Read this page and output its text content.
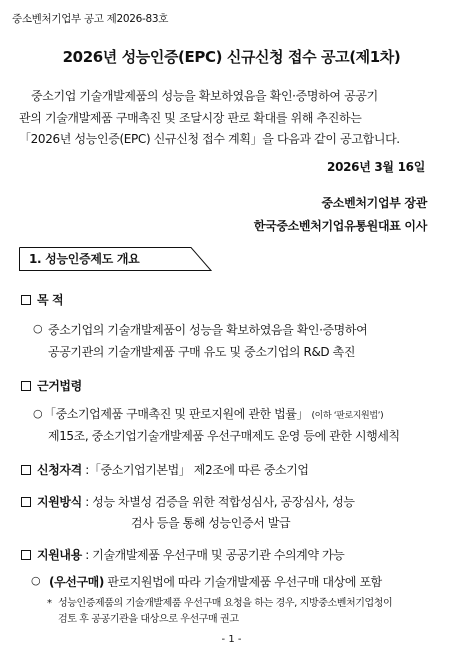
중소벤처기업부 공고 제2026-83호
2026년 성능인증(EPC) 신규신청 접수 공고(제1차)

중소기업 기술개발제품의 성능을 확보하였음을 확인·증명하여 공공기

관의 기술개발제품 구매촉진 및 조달시장 판로 확대를 위해 추진하는

「2026년 성능인증(EPC) 신규신청 접수 계획」을 다음과 같이 공고합니다.

2026년 3월 16일
중소벤처기업부 장관
한국중소벤처기업유통원대표 이사
1. 성능인증제도 개요
목 적
○ 중소기업의 기술개발제품이 성능을 확보하였음을 확인·증명하여
공공기관의 기술개발제품 구매 유도 및 중소기업의 R&D 촉진
근거법령
○ 「중소기업제품 구매촉진 및 판로지원에 관한 법률」 (이하 ‘판로지원법’)
제15조, 중소기업기술개발제품 우선구매제도 운영 등에 관한 시행세칙
신청자격 :「중소기업기본법」 제2조에 따른 중소기업
지원방식 : 성능 차별성 검증을 위한 적합성심사, 공장심사, 성능
검사 등을 통해 성능인증서 발급
지원내용 : 기술개발제품 우선구매 및 공공기관 수의계약 가능
○ (우선구매) 판로지원법에 따라 기술개발제품 우선구매 대상에 포함
* 성능인증제품의 기술개발제품 우선구매 요청을 하는 경우, 지방중소벤처기업청이
검토 후 공공기관을 대상으로 우선구매 권고
- 1 -
